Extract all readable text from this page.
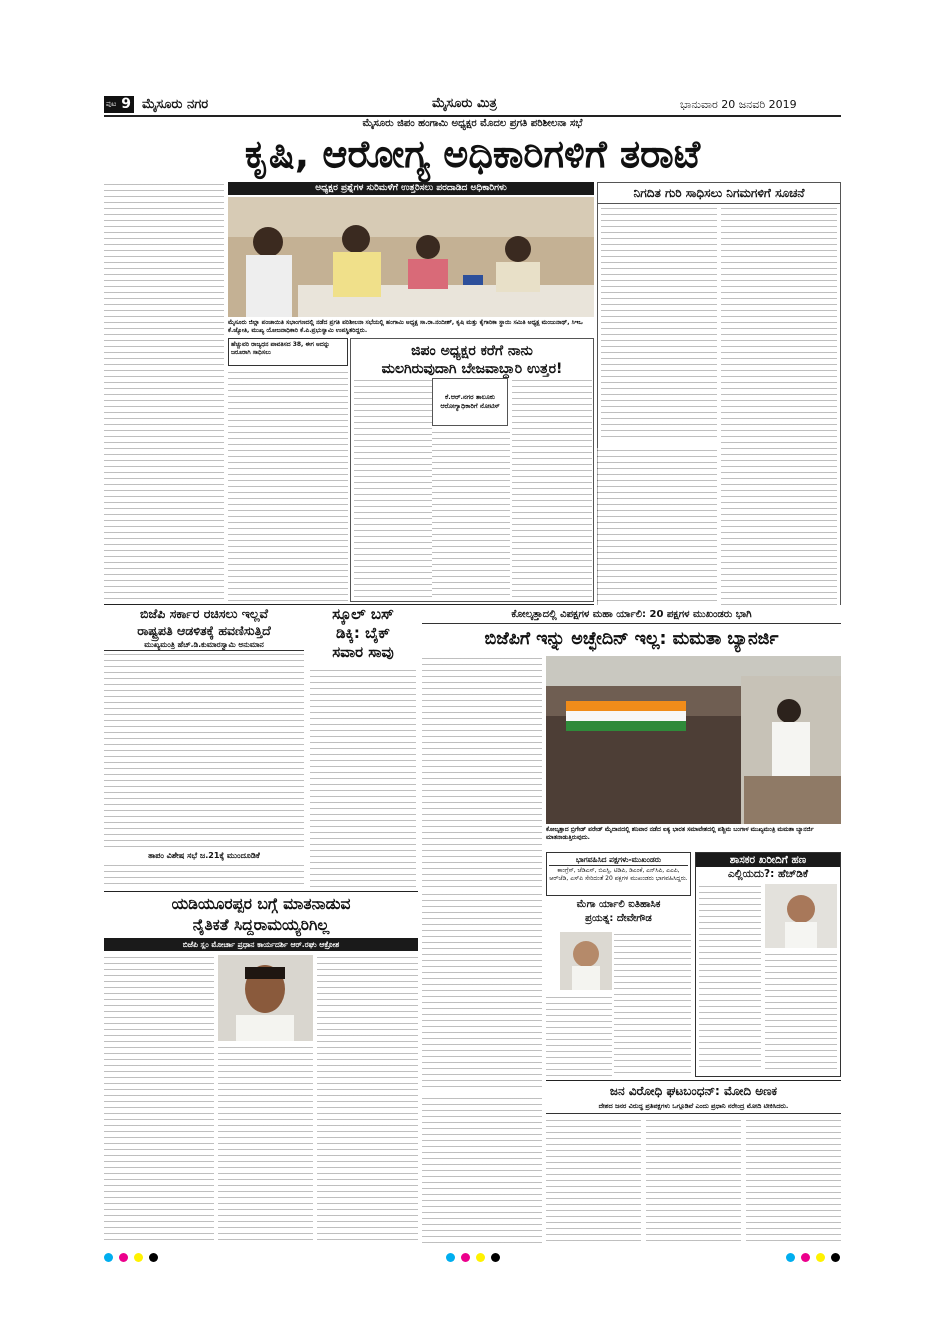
ಪುಟ 9 ಮೈಸೂರು ನಗರ	ಮೈಸೂರು ಮಿತ್ರ	ಭಾನುವಾರ 20 ಜನವರಿ 2019
ಮೈಸೂರು ಜಿಪಂ ಹಂಗಾಮಿ ಅಧ್ಯಕ್ಷರ ಮೊದಲ ಪ್ರಗತಿ ಪರಿಶೀಲನಾ ಸಭೆ
ಕೃಷಿ, ಆರೋಗ್ಯ ಅಧಿಕಾರಿಗಳಿಗೆ ತರಾಟೆ
ಅಧ್ಯಕ್ಷರ ಪ್ರಶ್ನೆಗಳ ಸುರಿಮಳೆಗೆ ಉತ್ತರಿಸಲು ಪರದಾಡಿದ ಅಧಿಕಾರಿಗಳು
ಮೈಸೂರು ಜಿಲ್ಲಾ ಪಂಚಾಯಿತಿ ಸಭಾಂಗಣದಲ್ಲಿ ನಡೆದ ಪ್ರಗತಿ ಪರಿಶೀಲನಾ ಸಭೆಯಲ್ಲಿ ಹಂಗಾಮಿ ಅಧ್ಯಕ್ಷ ಸಾ.ರಾ.ನಂದೀಶ್, ಕೃಷಿ ಮತ್ತು ಕೈಗಾರಿಕಾ ಸ್ಥಾಯಿ ಸಮಿತಿ ಅಧ್ಯಕ್ಷ ಮಂಜುನಾಥ್, ಸಿಇಒ ಕೆ.ಜ್ಯೋತಿ, ಮುಖ್ಯ ಯೋಜನಾಧಿಕಾರಿ ಕೆ.ಪಿ.ಪ್ರಭುಸ್ವಾಮಿ ಉಪಸ್ಥಿತರಿದ್ದರು.
ಹೆಚ್ಚುವರಿ ರಾಜ್ಯಧನ ಪಾವತಿಸದ 38, ಈಗ ಅದನ್ನು ಜರೂರಾಗಿ ಸಾಧಿಸಲು	ಜಿಪಂ ಅಧ್ಯಕ್ಷರ ಕರೆಗೆ ನಾನು
ಮಲಗಿರುವುದಾಗಿ ಬೇಜವಾಬ್ದಾರಿ ಉತ್ತರ!
ಕೆ.ಆರ್.ನಗರ ತಾಲೂಕು ಆರೋಗ್ಯಾಧಿಕಾರಿಗೆ ನೋಟಿಸ್
ನಿಗದಿತ ಗುರಿ ಸಾಧಿಸಲು ನಿಗಮಗಳಿಗೆ ಸೂಚನೆ
ಬಿಜೆಪಿ ಸರ್ಕಾರ ರಚಿಸಲು ಇಲ್ಲವೆ
ರಾಷ್ಟ್ರಪತಿ ಆಡಳಿತಕ್ಕೆ ಹವಣಿಸುತ್ತಿದೆ
ಮುಖ್ಯಮಂತ್ರಿ ಹೆಚ್.ಡಿ.ಕುಮಾರಸ್ವಾಮಿ ಅನುಮಾನ
ತಾಪಂ ವಿಶೇಷ ಸಭೆ ಜ.21ಕ್ಕೆ ಮುಂದೂಡಿಕೆ
ಸ್ಕೂಲ್ ಬಸ್
ಡಿಕ್ಕಿ: ಬೈಕ್
ಸವಾರ ಸಾವು
ಕೋಲ್ಕತ್ತಾದಲ್ಲಿ ವಿಪಕ್ಷಗಳ ಮಹಾ ರ್ಯಾಲಿ: 20 ಪಕ್ಷಗಳ ಮುಖಂಡರು ಭಾಗಿ
ಬಿಜೆಪಿಗೆ ಇನ್ನು ಅಚ್ಛೇದಿನ್ ಇಲ್ಲ: ಮಮತಾ ಬ್ಯಾನರ್ಜಿ
ಕೋಲ್ಕತ್ತಾದ ಬ್ರಿಗೇಡ್ ಪರೇಡ್ ಮೈದಾನದಲ್ಲಿ ಶನಿವಾರ ನಡೆದ ಐಕ್ಯ ಭಾರತ ಸಮಾವೇಶದಲ್ಲಿ ಪಶ್ಚಿಮ ಬಂಗಾಳ ಮುಖ್ಯಮಂತ್ರಿ ಮಮತಾ ಬ್ಯಾನರ್ಜಿ ಮಾತನಾಡುತ್ತಿರುವುದು.
ಭಾಗವಹಿಸಿದ ಪಕ್ಷಗಳು-ಮುಖಂಡರು
ಕಾಂಗ್ರೆಸ್, ಜೆಡಿಎಸ್, ಬಿಎಸ್ಪಿ, ಟಿಡಿಪಿ, ಡಿಎಂಕೆ, ಎನ್‌ಸಿಪಿ, ಎಎಪಿ, ಆರ್‌ಜೆಡಿ, ಎಸ್‌ಪಿ ಸೇರಿದಂತೆ 20 ಪಕ್ಷಗಳ ಮುಖಂಡರು ಭಾಗವಹಿಸಿದ್ದರು.
ಮೆಗಾ ರ್ಯಾಲಿ ಐತಿಹಾಸಿಕ
ಪ್ರಯತ್ನ: ದೇವೇಗೌಡ
ಶಾಸಕರ ಖರೀದಿಗೆ ಹಣ
ಎಲ್ಲಿಯದು?: ಹೆಚ್‌ಡಿಕೆ
ಯಡಿಯೂರಪ್ಪರ ಬಗ್ಗೆ ಮಾತನಾಡುವ
ನೈತಿಕತೆ ಸಿದ್ದರಾಮಯ್ಯರಿಗಿಲ್ಲ
ಬಿಜೆಪಿ ಸ್ಲಂ ಮೋರ್ಚಾ ಪ್ರಧಾನ ಕಾರ್ಯದರ್ಶಿ ಆರ್.ರಘು ಆಕ್ರೋಶ
ಜನ ವಿರೋಧಿ ಘಟಬಂಧನ್: ಮೋದಿ ಅಣಕ
ದೇಶದ ಜನರ ವಿರುದ್ಧ ಪ್ರತಿಪಕ್ಷಗಳು ಒಗ್ಗೂಡಿವೆ ಎಂದು ಪ್ರಧಾನಿ ನರೇಂದ್ರ ಮೋದಿ ಟೀಕಿಸಿದರು.
